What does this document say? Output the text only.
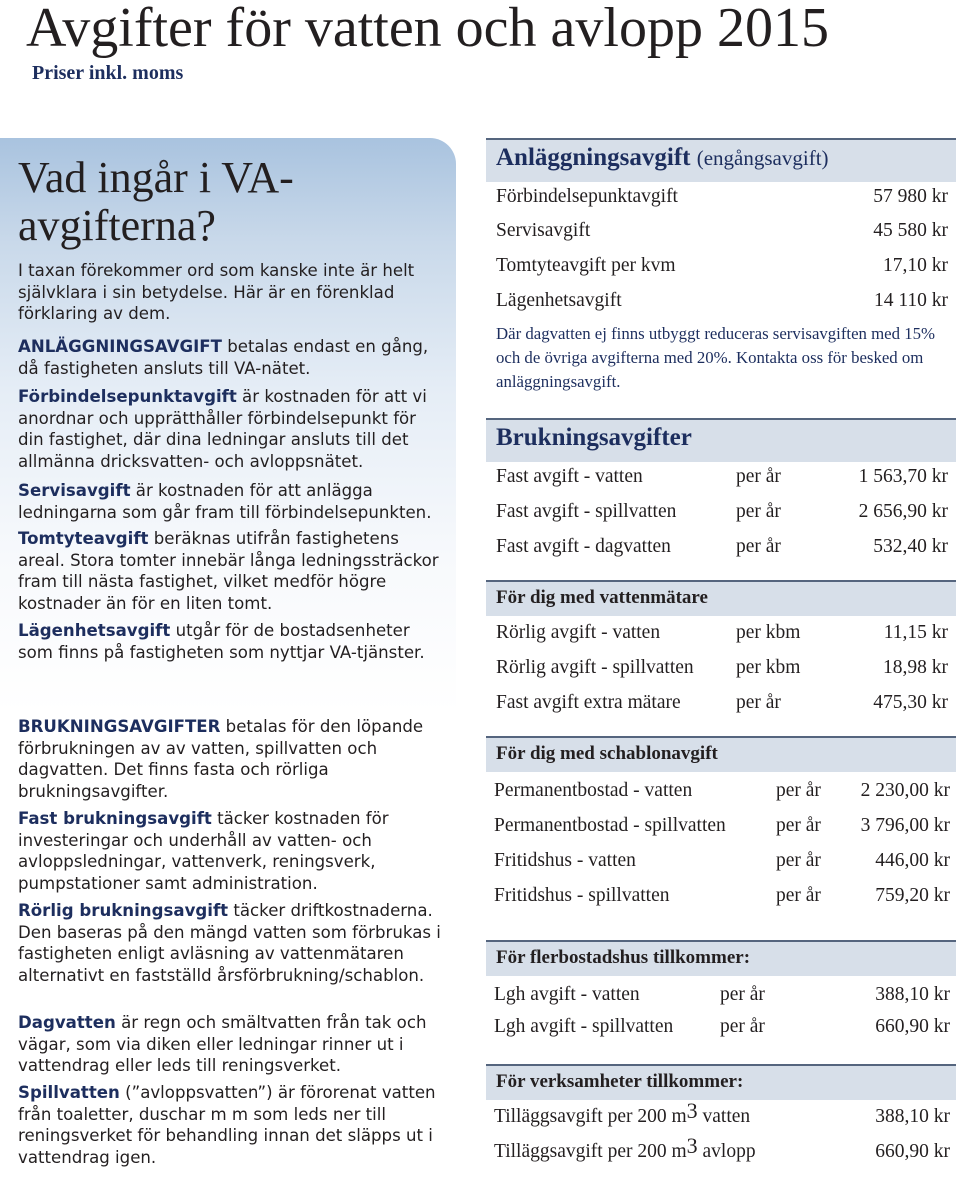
Avgifter för vatten och avlopp 2015
Priser inkl. moms
Vad ingår i VA-avgifterna?

I taxan förekommer ord som kanske inte är helt självklara i sin betydelse. Här är en förenklad förklaring av dem.

ANLÄGGNINGSAVGIFT betalas endast en gång, då fastigheten ansluts till VA-nätet.

Förbindelsepunktavgift är kostnaden för att vi anordnar och upprätthåller förbindelsepunkt för din fastighet, där dina ledningar ansluts till det allmänna dricksvatten- och avloppsnätet.

Servisavgift är kostnaden för att anlägga ledningarna som går fram till förbindelsepunkten.

Tomtyteavgift beräknas utifrån fastighetens areal. Stora tomter innebär långa ledningssträckor fram till nästa fastighet, vilket medför högre kostnader än för en liten tomt.

Lägenhetsavgift utgår för de bostadsenheter som finns på fastigheten som nyttjar VA-tjänster.

BRUKNINGSAVGIFTER betalas för den löpande förbrukningen av av vatten, spillvatten och dagvatten. Det finns fasta och rörliga brukningsavgifter.

Fast brukningsavgift täcker kostnaden för investeringar och underhåll av vatten- och avloppsledningar, vattenverk, reningsverk, pumpstationer samt administration.

Rörlig brukningsavgift täcker driftkostnaderna. Den baseras på den mängd vatten som förbrukas i fastigheten enligt avläsning av vattenmätaren alternativt en fastställd årsförbrukning/schablon.

Dagvatten är regn och smältvatten från tak och vägar, som via diken eller ledningar rinner ut i vattendrag eller leds till reningsverket.

Spillvatten (”avloppsvatten”) är förorenat vatten från toaletter, duschar m m som leds ner till reningsverket för behandling innan det släpps ut i vattendrag igen.

Anläggningsavgift (engångsavgift)
Förbindelsepunktavgift	57 980 kr
Servisavgift	45 580 kr
Tomtyteavgift per kvm	17,10 kr
Lägenhetsavgift	14 110 kr

Där dagvatten ej finns utbyggt reduceras servisavgiften med 15% och de övriga avgifterna med 20%. Kontakta oss för besked om anläggningsavgift.

Brukningsavgifter
Fast avgift - vatten	per år	1 563,70 kr
Fast avgift - spillvatten	per år	2 656,90 kr
Fast avgift - dagvatten	per år	532,40 kr
För dig med vattenmätare
Rörlig avgift - vatten	per kbm	11,15 kr
Rörlig avgift - spillvatten per kbm	18,98 kr
Fast avgift extra mätare	per år	475,30 kr
För dig med schablonavgift
Permanentbostad - vatten	per år 2 230,00 kr
Permanentbostad - spillvatten	per år 3 796,00 kr
Fritidshus - vatten	per år	446,00 kr
Fritidshus - spillvatten	per år	759,20 kr
För flerbostadshus tillkommer:
Lgh avgift - vatten	per år	388,10 kr
Lgh avgift - spillvatten per år	660,90 kr
För verksamheter tillkommer:
Tilläggsavgift per 200 $m^3$ vatten	388,10 kr
Tilläggsavgift per 200 $m^3$ avlopp	660,90 kr
